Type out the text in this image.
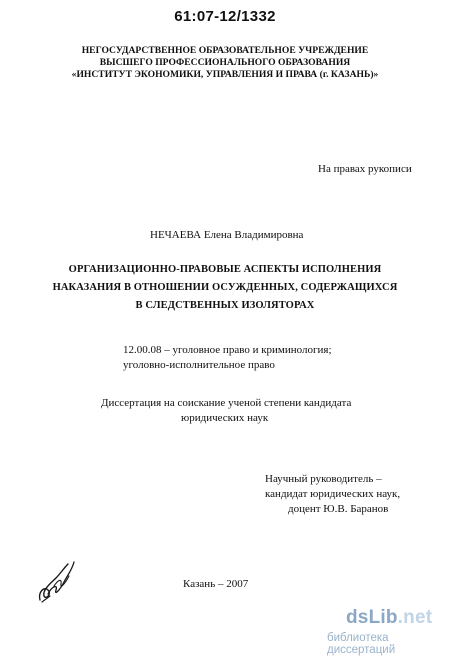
61:07-12/1332
НЕГОСУДАРСТВЕННОЕ ОБРАЗОВАТЕЛЬНОЕ УЧРЕЖДЕНИЕ
ВЫСШЕГО ПРОФЕССИОНАЛЬНОГО ОБРАЗОВАНИЯ
«ИНСТИТУТ ЭКОНОМИКИ, УПРАВЛЕНИЯ И ПРАВА (г. КАЗАНЬ)»
На правах рукописи
НЕЧАЕВА Елена Владимировна
ОРГАНИЗАЦИОННО-ПРАВОВЫЕ АСПЕКТЫ ИСПОЛНЕНИЯ
НАКАЗАНИЯ В ОТНОШЕНИИ ОСУЖДЕННЫХ, СОДЕРЖАЩИХСЯ
В СЛЕДСТВЕННЫХ ИЗОЛЯТОРАХ
12.00.08 – уголовное право и криминология;
уголовно-исполнительное право
Диссертация на соискание ученой степени кандидата
юридических наук
Научный руководитель –
кандидат юридических наук,
доцент Ю.В. Баранов
Казань – 2007
dsLib.net
библиотека диссертаций
